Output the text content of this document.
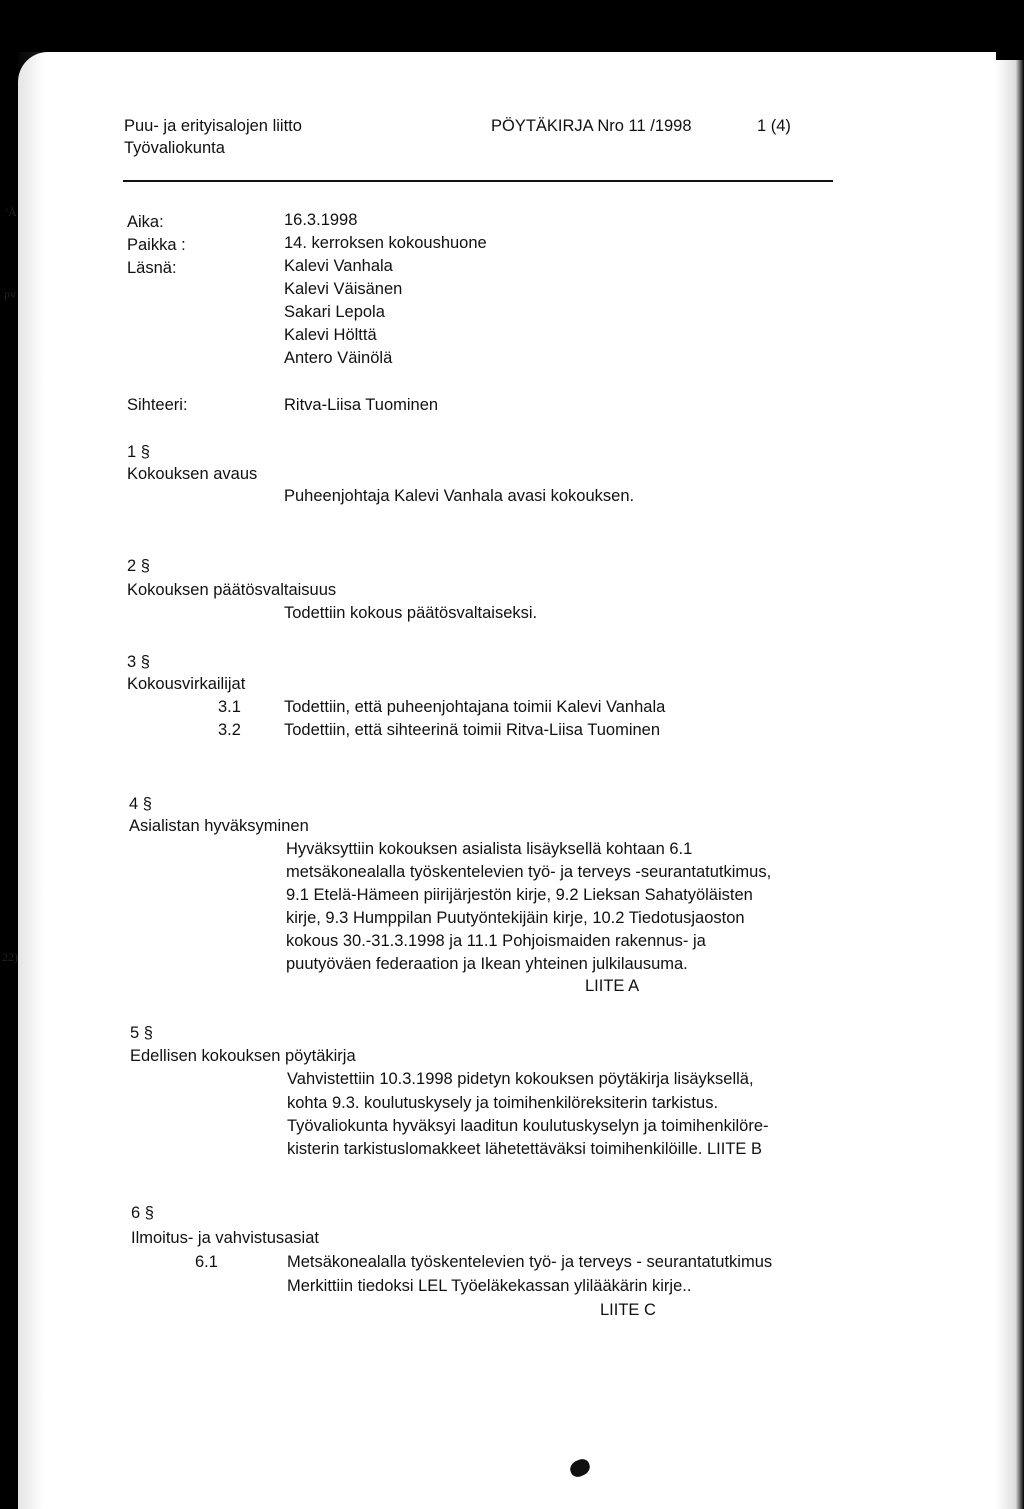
'Ä
pv
22)
Puu- ja erityisalojen liitto
Työvaliokunta
PÖYTÄKIRJA Nro 11 /1998	1 (4)
Aika:	16.3.1998
Paikka :	14. kerroksen kokoushuone
Läsnä:	Kalevi Vanhala
Kalevi Väisänen
Sakari Lepola
Kalevi Hölttä
Antero Väinölä
Sihteeri:	Ritva-Liisa Tuominen
1 §
Kokouksen avaus
Puheenjohtaja Kalevi Vanhala avasi kokouksen.
2 §
Kokouksen päätösvaltaisuus
Todettiin kokous päätösvaltaiseksi.
3 §
Kokousvirkailijat
3.1	Todettiin, että puheenjohtajana toimii Kalevi Vanhala
3.2	Todettiin, että sihteerinä toimii Ritva-Liisa Tuominen
4 §
Asialistan hyväksyminen
Hyväksyttiin kokouksen asialista lisäyksellä kohtaan 6.1
metsäkonealalla työskentelevien työ- ja terveys -seurantatutkimus,
9.1 Etelä-Hämeen piirijärjestön kirje, 9.2 Lieksan Sahatyöläisten
kirje, 9.3 Humppilan Puutyöntekijäin kirje, 10.2 Tiedotusjaoston
kokous 30.-31.3.1998 ja 11.1 Pohjoismaiden rakennus- ja
puutyöväen federaation ja Ikean yhteinen julkilausuma.
LIITE A
5 §
Edellisen kokouksen pöytäkirja
Vahvistettiin 10.3.1998 pidetyn kokouksen pöytäkirja lisäyksellä,
kohta 9.3. koulutuskysely ja toimihenkilöreksiterin tarkistus.
Työvaliokunta hyväksyi laaditun koulutuskyselyn ja toimihenkilöre-
kisterin tarkistuslomakkeet lähetettäväksi toimihenkilöille. LIITE B
6 §
Ilmoitus- ja vahvistusasiat
6.1	Metsäkonealalla työskentelevien työ- ja terveys - seurantatutkimus
Merkittiin tiedoksi LEL Työeläkekassan ylilääkärin kirje..
LIITE C
